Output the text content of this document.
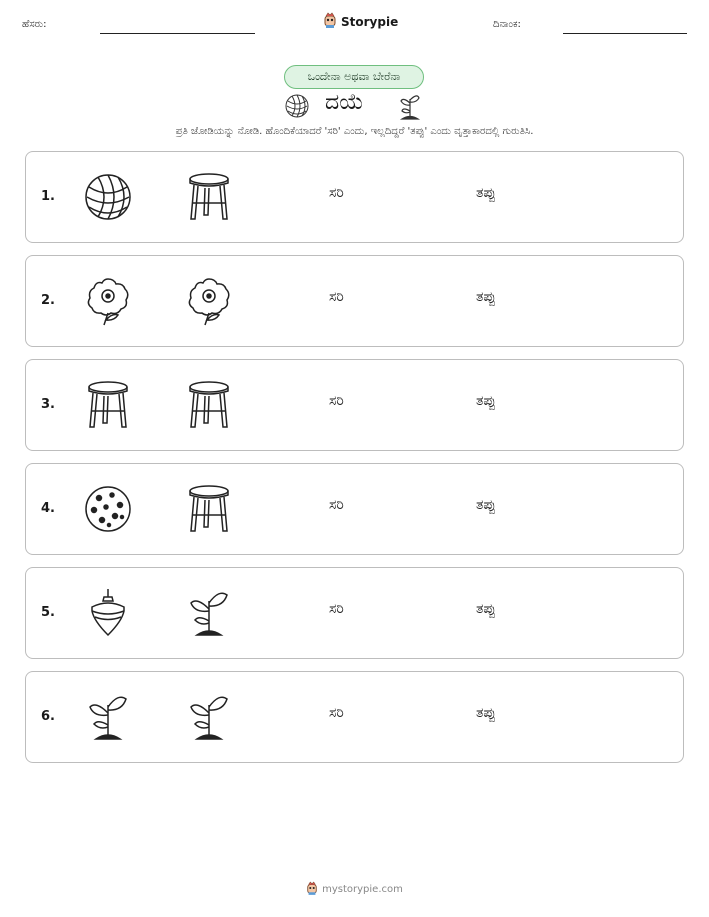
ಹೆಸರು:	Storypie	ದಿನಾಂಕ:
ಒಂದೇನಾ ಅಥವಾ ಬೇರೆನಾ
ದಯೆ
ಪ್ರತಿ ಜೋಡಿಯನ್ನು ನೋಡಿ. ಹೊಂದಿಕೆಯಾದರೆ 'ಸರಿ' ಎಂದು, ಇಲ್ಲದಿದ್ದರೆ 'ತಪ್ಪು' ಎಂದು ವೃತ್ತಾಕಾರದಲ್ಲಿ ಗುರುತಿಸಿ.
1.	ಸರಿ	ತಪ್ಪು
2.	ಸರಿ	ತಪ್ಪು
3.	ಸರಿ	ತಪ್ಪು
4.	ಸರಿ	ತಪ್ಪು
5.	ಸರಿ	ತಪ್ಪು
6.	ಸರಿ	ತಪ್ಪು
mystorypie.com
